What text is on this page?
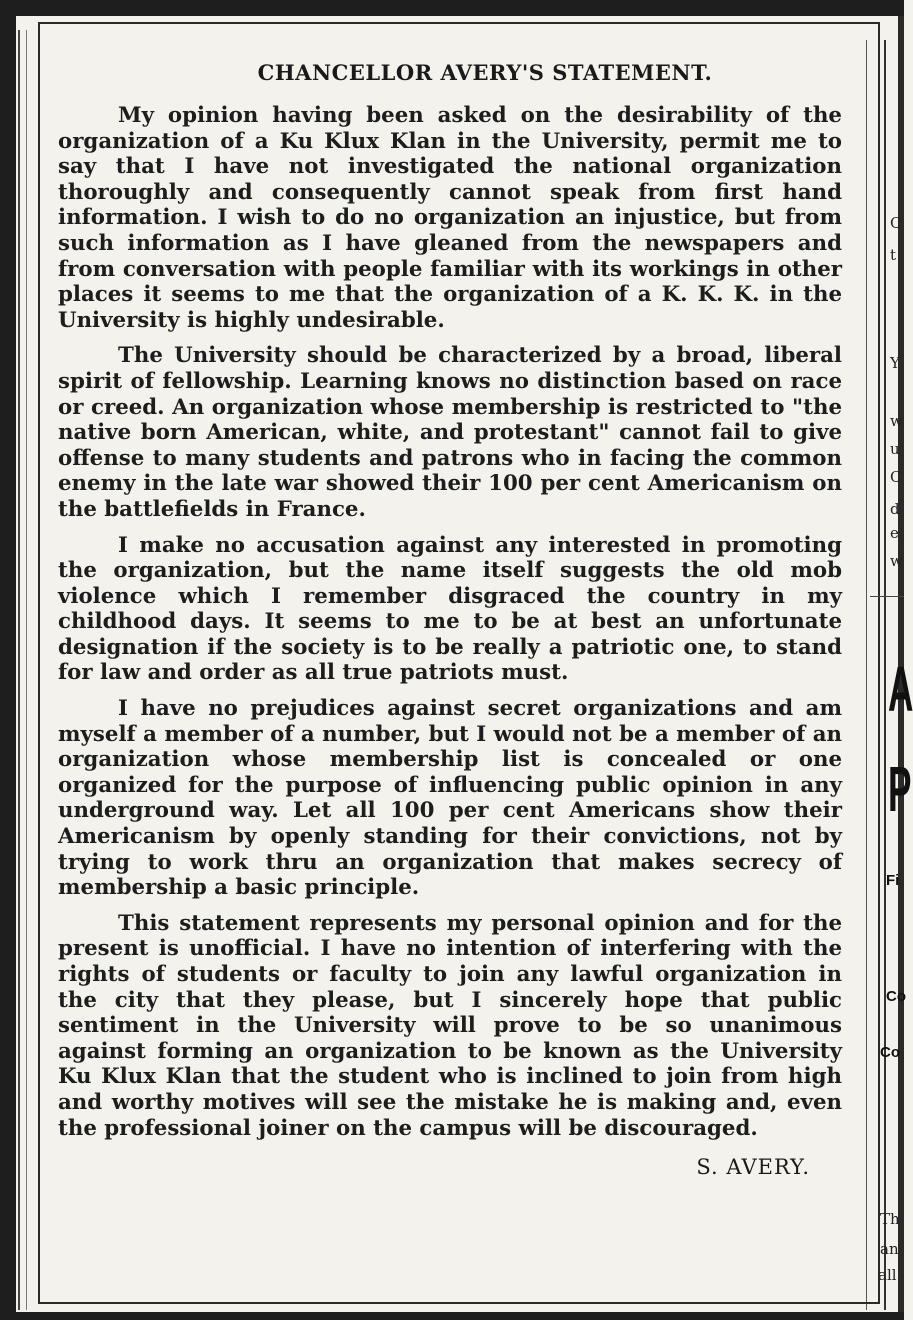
CHANCELLOR AVERY'S STATEMENT.

My opinion having been asked on the desirability of the organization of a Ku Klux Klan in the University, permit me to say that I have not investigated the national organization thoroughly and consequently cannot speak from first hand information. I wish to do no organization an injustice, but from such information as I have gleaned from the newspapers and from conversation with people familiar with its workings in other places it seems to me that the organization of a K. K. K. in the University is highly undesirable.

The University should be characterized by a broad, liberal spirit of fellowship. Learning knows no distinction based on race or creed. An organization whose membership is restricted to "the native born American, white, and protestant" cannot fail to give offense to many students and patrons who in facing the common enemy in the late war showed their 100 per cent Americanism on the battlefields in France.

I make no accusation against any interested in promoting the organization, but the name itself suggests the old mob violence which I remember disgraced the country in my childhood days. It seems to me to be at best an unfortunate designation if the society is to be really a patriotic one, to stand for law and order as all true patriots must.

I have no prejudices against secret organizations and am myself a member of a number, but I would not be a member of an organization whose membership list is concealed or one organized for the purpose of influencing public opinion in any underground way. Let all 100 per cent Americans show their Americanism by openly standing for their convictions, not by trying to work thru an organization that makes secrecy of membership a basic principle.

This statement represents my personal opinion and for the present is unofficial. I have no intention of interfering with the rights of students or faculty to join any lawful organization in the city that they please, but I sincerely hope that public sentiment in the University will prove to be so unanimous against forming an organization to be known as the University Ku Klux Klan that the student who is inclined to join from high and worthy motives will see the mistake he is making and, even the professional joiner on the campus will be discouraged.

S. AVERY.
C
t
Y
w
u
C
d
e
w
A
P
Fi
Co
Co
Th
an
all
